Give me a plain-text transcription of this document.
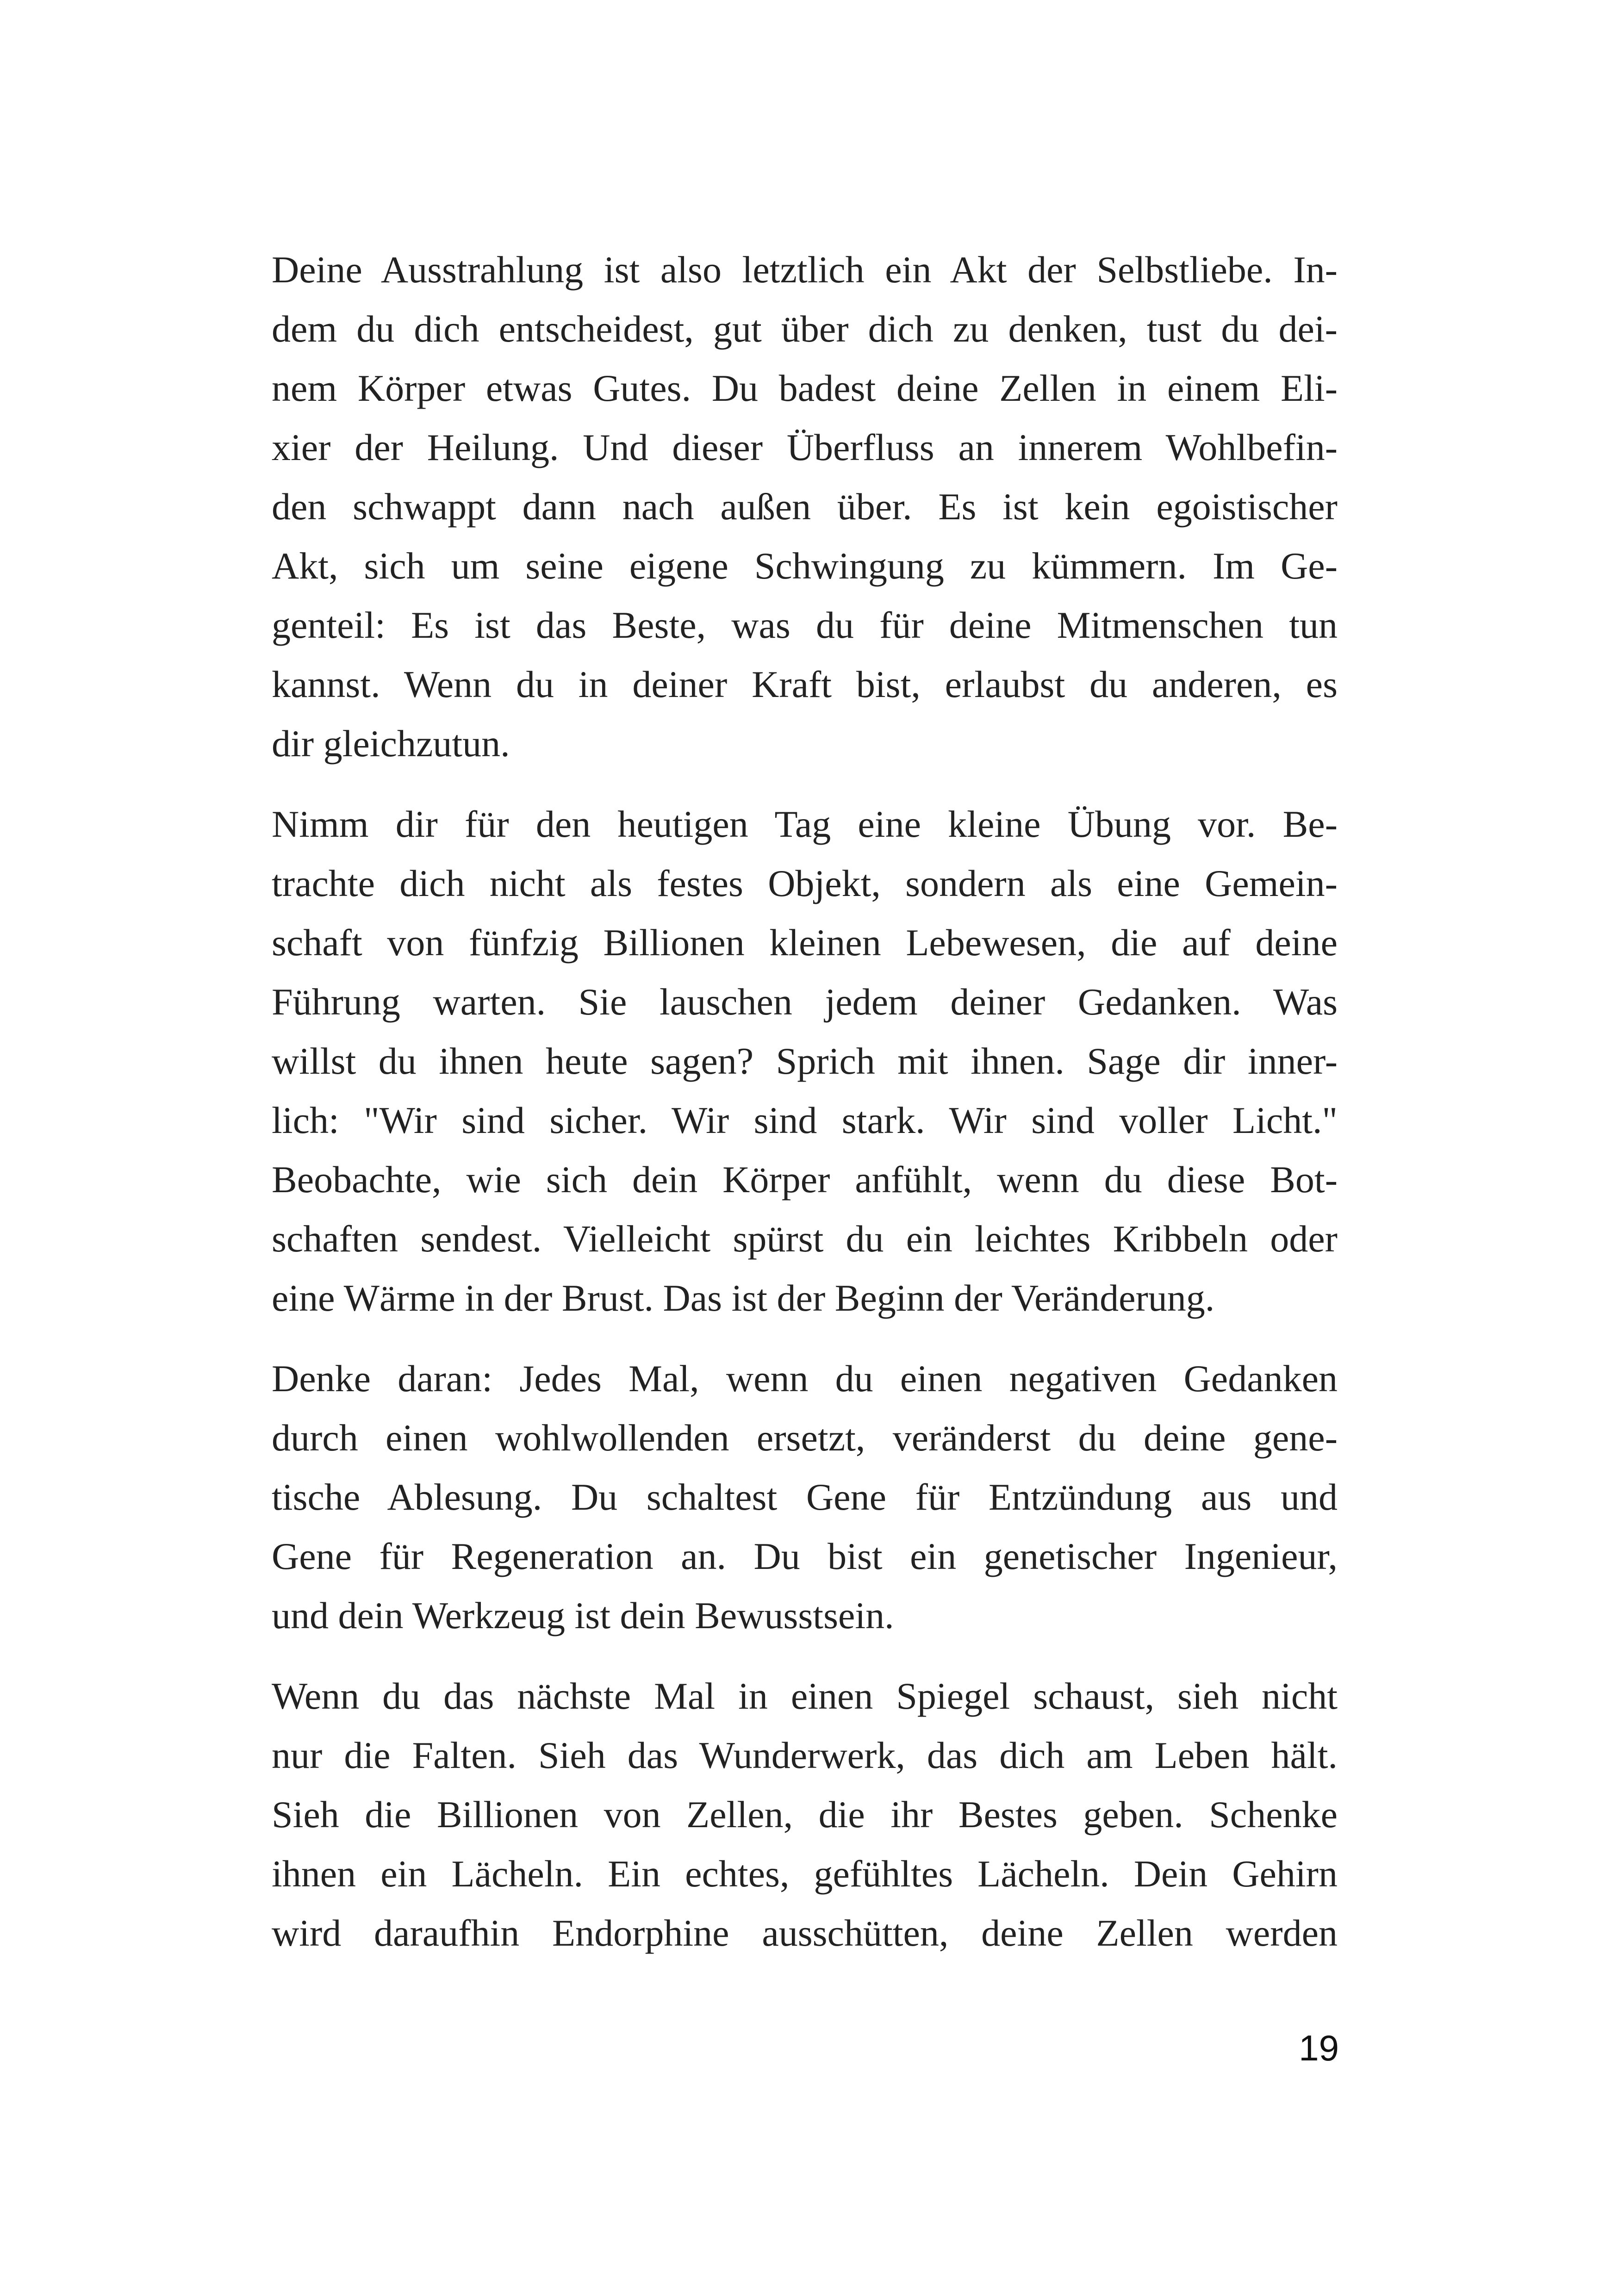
Deine Ausstrahlung ist also letztlich ein Akt der Selbstliebe. In-
dem du dich entscheidest, gut über dich zu denken, tust du dei-
nem Körper etwas Gutes. Du badest deine Zellen in einem Eli-
xier der Heilung. Und dieser Überfluss an innerem Wohlbefin-
den schwappt dann nach außen über. Es ist kein egoistischer
Akt, sich um seine eigene Schwingung zu kümmern. Im Ge-
genteil: Es ist das Beste, was du für deine Mitmenschen tun
kannst. Wenn du in deiner Kraft bist, erlaubst du anderen, es
dir gleichzutun.
Nimm dir für den heutigen Tag eine kleine Übung vor. Be-
trachte dich nicht als festes Objekt, sondern als eine Gemein-
schaft von fünfzig Billionen kleinen Lebewesen, die auf deine
Führung warten. Sie lauschen jedem deiner Gedanken. Was
willst du ihnen heute sagen? Sprich mit ihnen. Sage dir inner-
lich: "Wir sind sicher. Wir sind stark. Wir sind voller Licht."
Beobachte, wie sich dein Körper anfühlt, wenn du diese Bot-
schaften sendest. Vielleicht spürst du ein leichtes Kribbeln oder
eine Wärme in der Brust. Das ist der Beginn der Veränderung.
Denke daran: Jedes Mal, wenn du einen negativen Gedanken
durch einen wohlwollenden ersetzt, veränderst du deine gene-
tische Ablesung. Du schaltest Gene für Entzündung aus und
Gene für Regeneration an. Du bist ein genetischer Ingenieur,
und dein Werkzeug ist dein Bewusstsein.
Wenn du das nächste Mal in einen Spiegel schaust, sieh nicht
nur die Falten. Sieh das Wunderwerk, das dich am Leben hält.
Sieh die Billionen von Zellen, die ihr Bestes geben. Schenke
ihnen ein Lächeln. Ein echtes, gefühltes Lächeln. Dein Gehirn
wird daraufhin Endorphine ausschütten, deine Zellen werden
19
